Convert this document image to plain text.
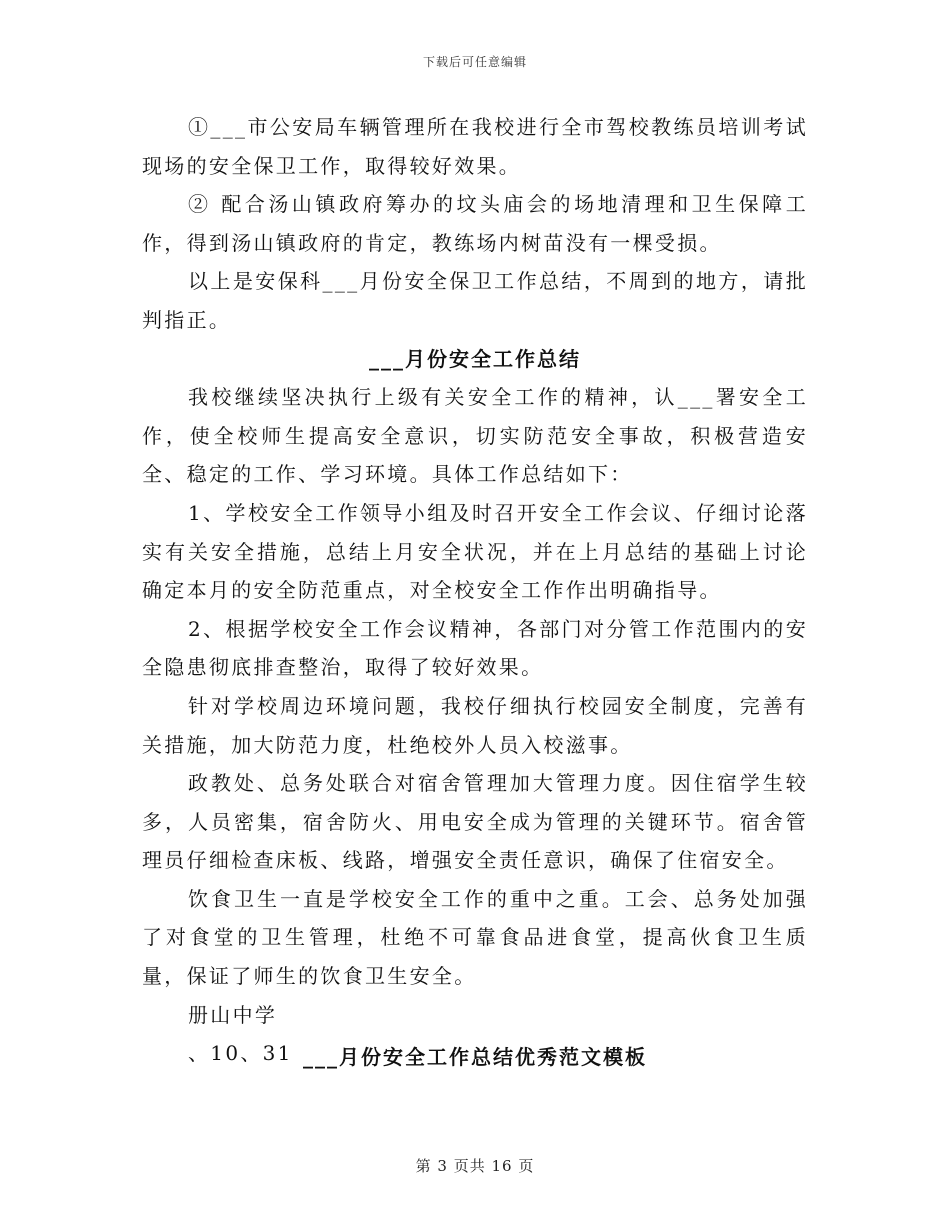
下载后可任意编辑

①___市公安局车辆管理所在我校进行全市驾校教练员培训考试现场的安全保卫工作，取得较好效果。

② 配合汤山镇政府筹办的坟头庙会的场地清理和卫生保障工作，得到汤山镇政府的肯定，教练场内树苗没有一棵受损。

以上是安保科___月份安全保卫工作总结，不周到的地方，请批判指正。

___月份安全工作总结

我校继续坚决执行上级有关安全工作的精神，认___署安全工作，使全校师生提高安全意识，切实防范安全事故，积极营造安全、稳定的工作、学习环境。具体工作总结如下：

1、学校安全工作领导小组及时召开安全工作会议、仔细讨论落实有关安全措施，总结上月安全状况，并在上月总结的基础上讨论确定本月的安全防范重点，对全校安全工作作出明确指导。

2、根据学校安全工作会议精神，各部门对分管工作范围内的安全隐患彻底排查整治，取得了较好效果。

针对学校周边环境问题，我校仔细执行校园安全制度，完善有关措施，加大防范力度，杜绝校外人员入校滋事。

政教处、总务处联合对宿舍管理加大管理力度。因住宿学生较多，人员密集，宿舍防火、用电安全成为管理的关键环节。宿舍管理员仔细检查床板、线路，增强安全责任意识，确保了住宿安全。

饮食卫生一直是学校安全工作的重中之重。工会、总务处加强了对食堂的卫生管理，杜绝不可靠食品进食堂，提高伙食卫生质量，保证了师生的饮食卫生安全。

册山中学

、10、31 ___月份安全工作总结优秀范文模板
第 3 页共 16 页
